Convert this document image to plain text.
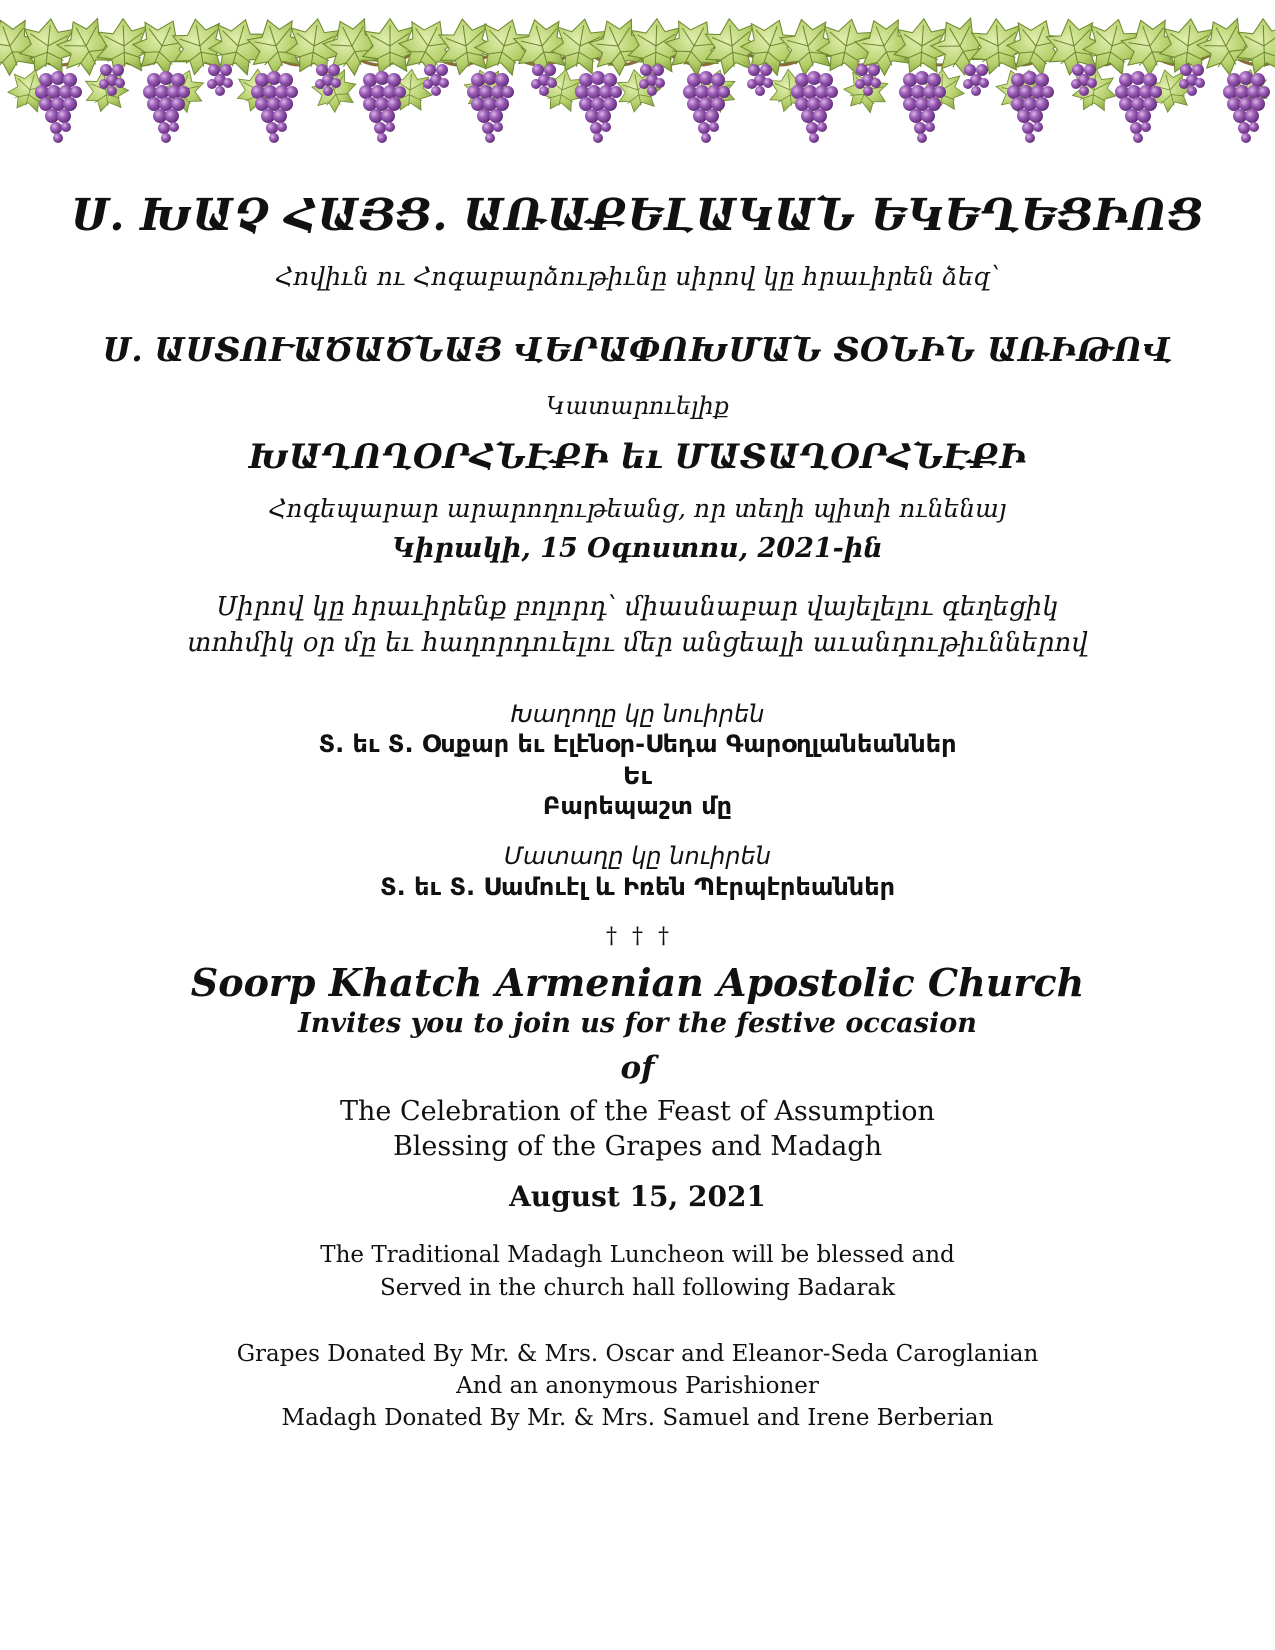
Ս. ԽԱՉ ՀԱՅՑ. ԱՌԱՔԵԼԱԿԱՆ ԵԿԵՂԵՑԻՈՑ
Հովիւն ու Հոգաբարձութիւնը սիրով կը հրաւիրեն ձեզ՝
Ս. ԱՍՏՈՒԱԾԱԾՆԱՅ ՎԵՐԱՓՈԽՄԱՆ ՏՕՆԻՆ ԱՌԻԹՈՎ
Կատարուելիք
ԽԱՂՈՂՕՐՀՆԷՔԻ եւ ՄԱՏԱՂՕՐՀՆԷՔԻ
Հոգեպարար արարողութեանց, որ տեղի պիտի ունենայ
Կիրակի, 15 Օգոստոս, 2021-ին
Սիրով կը հրաւիրենք բոլորդ՝ միասնաբար վայելելու գեղեցիկ
տոհմիկ օր մը եւ հաղորդուելու մեր անցեալի աւանդութիւններով
Խաղողը կը նուիրեն
Տ. եւ Տ. Օսքար եւ Էլէնօր-Սեդա Գարօղլանեաններ
Եւ
Բարեպաշտ մը
Մատաղը կը նուիրեն
Տ. եւ Տ. Սամուէլ և Իռեն Պէրպէրեաններ
† † †
Soorp Khatch Armenian Apostolic Church
Invites you to join us for the festive occasion
of
The Celebration of the Feast of Assumption
Blessing of the Grapes and Madagh
August 15, 2021
The Traditional Madagh Luncheon will be blessed and
Served in the church hall following Badarak
Grapes Donated By Mr. & Mrs. Oscar and Eleanor-Seda Caroglanian
And an anonymous Parishioner
Madagh Donated By Mr. & Mrs. Samuel and Irene Berberian
